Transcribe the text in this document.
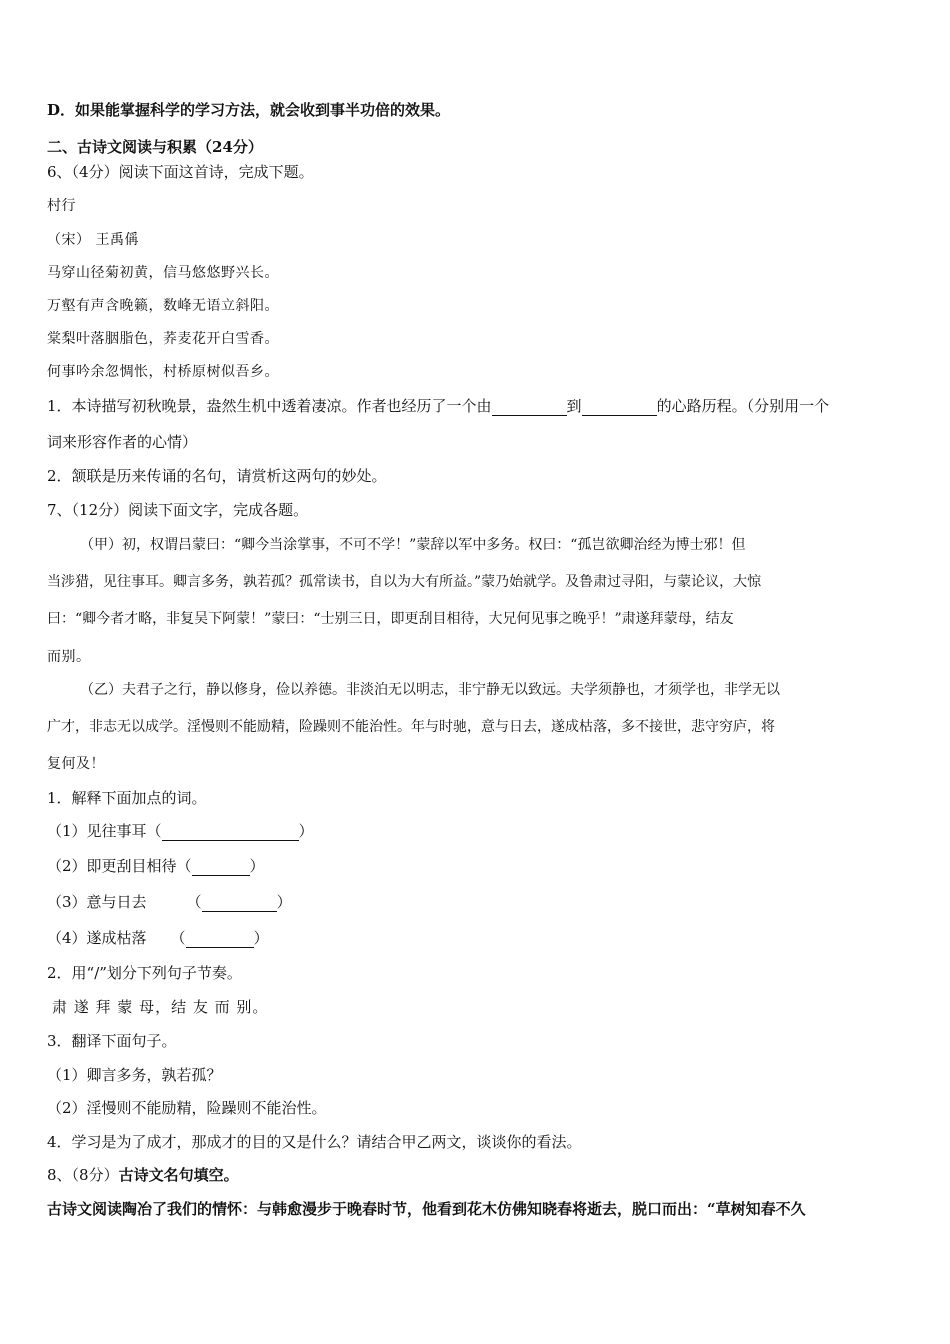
D．如果能掌握科学的学习方法，就会收到事半功倍的效果。
二、古诗文阅读与积累（24分）
6、（4分）阅读下面这首诗，完成下题。
村行
（宋） 王禹偁
马穿山径菊初黄，信马悠悠野兴长。
万壑有声含晚籁，数峰无语立斜阳。
棠梨叶落胭脂色，荞麦花开白雪香。
何事吟余忽惆怅，村桥原树似吾乡。
1．本诗描写初秋晚景，盎然生机中透着凄凉。作者也经历了一个由	到	的心路历程。（分别用一个
词来形容作者的心情）
2．颔联是历来传诵的名句，请赏析这两句的妙处。
7、（12分）阅读下面文字，完成各题。
（甲）初，权谓吕蒙曰：“卿今当涂掌事，不可不学！”蒙辞以军中多务。权曰：“孤岂欲卿治经为博士邪！但
当涉猎，见往事耳。卿言多务，孰若孤？孤常读书，自以为大有所益。”蒙乃始就学。及鲁肃过寻阳，与蒙论议，大惊
曰：“卿今者才略，非复吴下阿蒙！”蒙曰：“士别三日，即更刮目相待，大兄何见事之晚乎！”肃遂拜蒙母，结友
而别。
（乙）夫君子之行，静以修身，俭以养德。非淡泊无以明志，非宁静无以致远。夫学须静也，才须学也，非学无以
广才，非志无以成学。淫慢则不能励精，险躁则不能治性。年与时驰，意与日去，遂成枯落，多不接世，悲守穷庐，将
复何及！
1．解释下面加点的词。
（1）见往事耳（	）
（2）即更刮目相待（	）
（3）意与日去	（	）
（4）遂成枯落 （	）
2．用“/”划分下列句子节奏。
肃 遂 拜 蒙 母，结 友 而 别。
3．翻译下面句子。
（1）卿言多务，孰若孤？
（2）淫慢则不能励精，险躁则不能治性。
4．学习是为了成才，那成才的目的又是什么？请结合甲乙两文，谈谈你的看法。
8、（8分）古诗文名句填空。
古诗文阅读陶冶了我们的情怀：与韩愈漫步于晚春时节，他看到花木仿佛知晓春将逝去，脱口而出：“草树知春不久
